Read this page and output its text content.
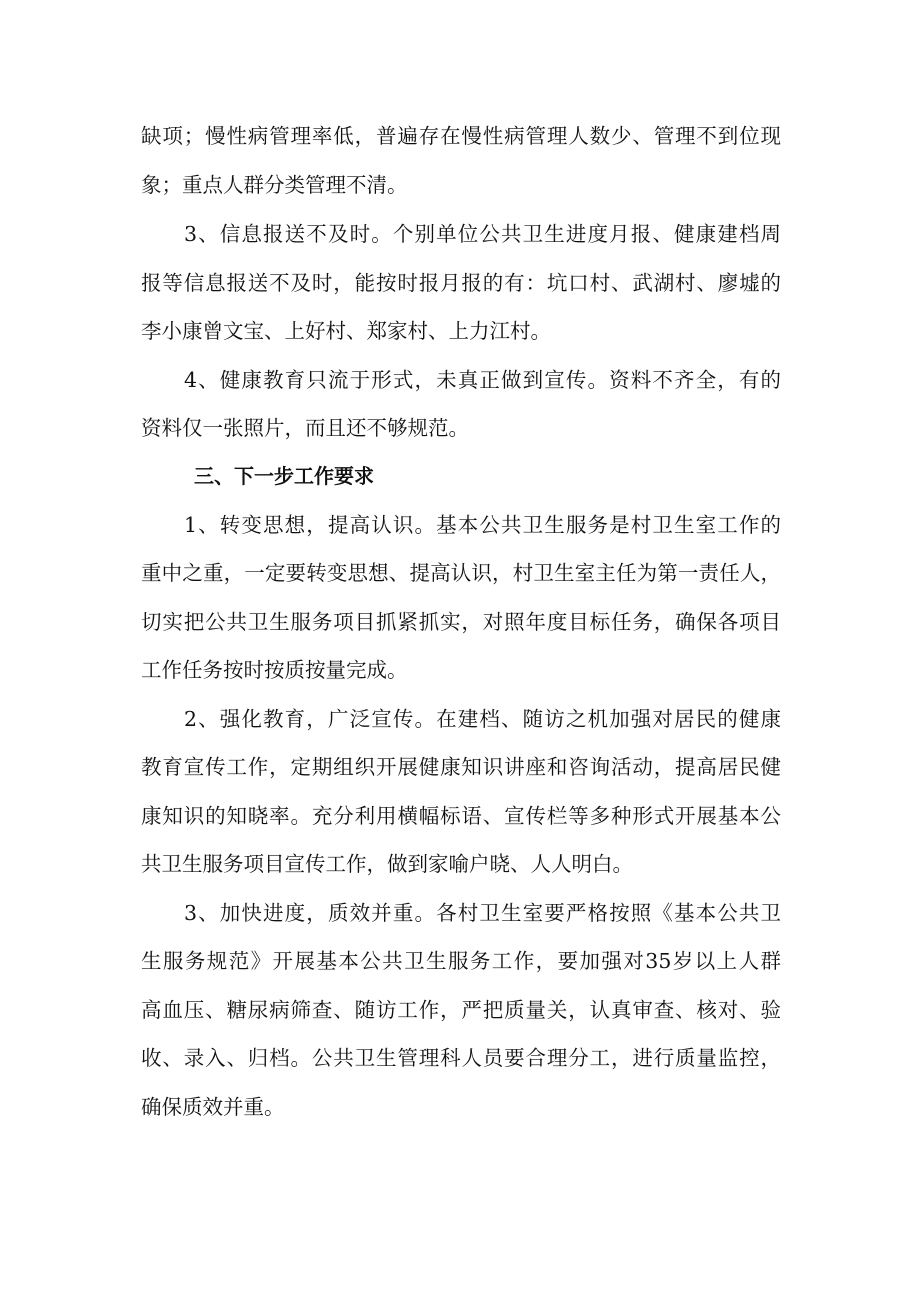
缺项；慢性病管理率低，普遍存在慢性病管理人数少、管理不到位现
象；重点人群分类管理不清。
3、信息报送不及时。个别单位公共卫生进度月报、健康建档周
报等信息报送不及时，能按时报月报的有：坑口村、武湖村、廖墟的
李小康曾文宝、上好村、郑家村、上力江村。
4、健康教育只流于形式，未真正做到宣传。资料不齐全，有的
资料仅一张照片，而且还不够规范。
三、下一步工作要求
1、转变思想，提高认识。基本公共卫生服务是村卫生室工作的
重中之重，一定要转变思想、提高认识，村卫生室主任为第一责任人，
切实把公共卫生服务项目抓紧抓实，对照年度目标任务，确保各项目
工作任务按时按质按量完成。
2、强化教育，广泛宣传。在建档、随访之机加强对居民的健康
教育宣传工作，定期组织开展健康知识讲座和咨询活动，提高居民健
康知识的知晓率。充分利用横幅标语、宣传栏等多种形式开展基本公
共卫生服务项目宣传工作，做到家喻户晓、人人明白。
3、加快进度，质效并重。各村卫生室要严格按照《基本公共卫
生服务规范》开展基本公共卫生服务工作，要加强对35岁以上人群
高血压、糖尿病筛查、随访工作，严把质量关，认真审查、核对、验
收、录入、归档。公共卫生管理科人员要合理分工，进行质量监控，
确保质效并重。
